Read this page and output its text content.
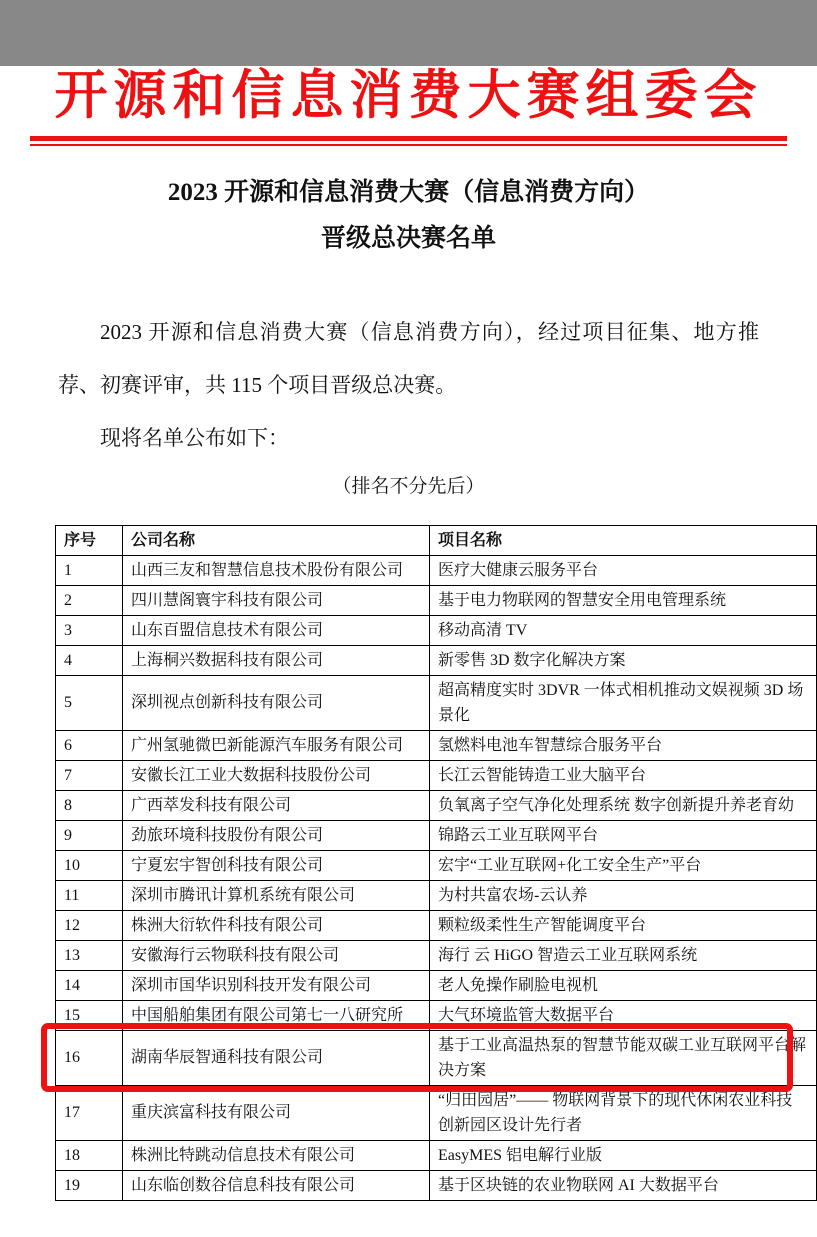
开源和信息消费大赛组委会
2023 开源和信息消费大赛（信息消费方向）
晋级总决赛名单

2023 开源和信息消费大赛（信息消费方向），经过项目征集、地方推荐、初赛评审，共 115 个项目晋级总决赛。

现将名单公布如下：

（排名不分先后）

序号	公司名称	项目名称
1	山西三友和智慧信息技术股份有限公司	医疗大健康云服务平台
2	四川慧阁寰宇科技有限公司	基于电力物联网的智慧安全用电管理系统
3	山东百盟信息技术有限公司	移动高清 TV
4	上海桐兴数据科技有限公司	新零售 3D 数字化解决方案
5	深圳视点创新科技有限公司	超高精度实时 3DVR 一体式相机推动文娱视频 3D 场景化
6	广州氢驰微巴新能源汽车服务有限公司	氢燃料电池车智慧综合服务平台
7	安徽长江工业大数据科技股份公司	长江云智能铸造工业大脑平台
8	广西萃发科技有限公司	负氧离子空气净化处理系统 数字创新提升养老育幼
9	劲旅环境科技股份有限公司	锦路云工业互联网平台
10	宁夏宏宇智创科技有限公司	宏宇“工业互联网+化工安全生产”平台
11	深圳市腾讯计算机系统有限公司	为村共富农场-云认养
12	株洲大衍软件科技有限公司	颗粒级柔性生产智能调度平台
13	安徽海行云物联科技有限公司	海行 云 HiGO 智造云工业互联网系统
14	深圳市国华识别科技开发有限公司	老人免操作刷脸电视机
15	中国船舶集团有限公司第七一八研究所	大气环境监管大数据平台
16	湖南华辰智通科技有限公司	基于工业高温热泵的智慧节能双碳工业互联网平台解决方案
17	重庆滨富科技有限公司	“归田园居”—— 物联网背景下的现代休闲农业科技创新园区设计先行者
18	株洲比特跳动信息技术有限公司	EasyMES 铝电解行业版
19	山东临创数谷信息科技有限公司	基于区块链的农业物联网 AI 大数据平台
